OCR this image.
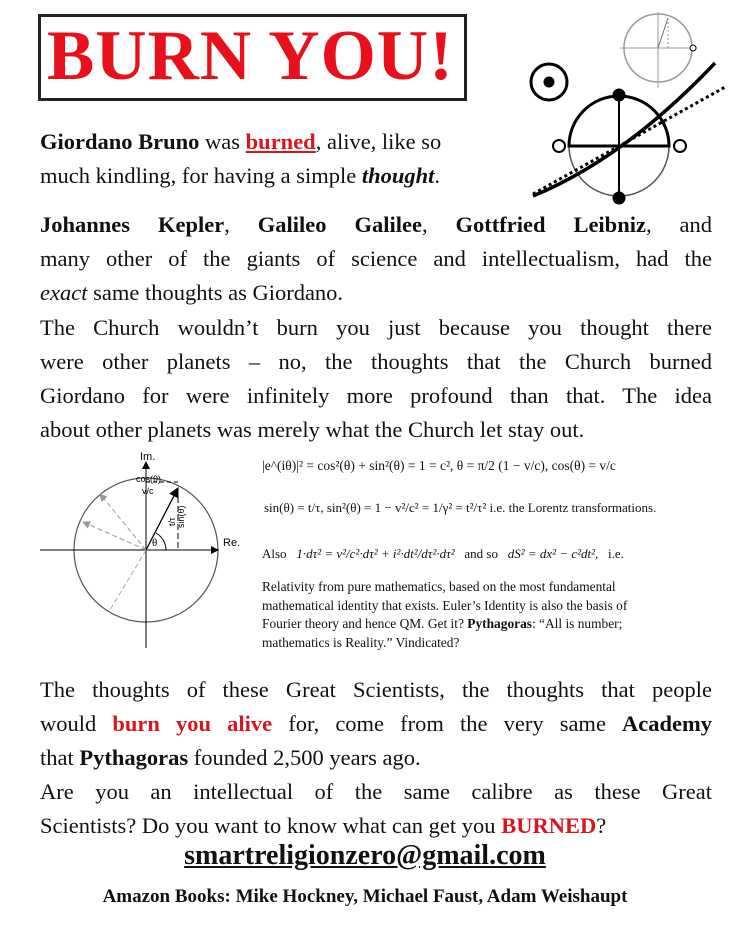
BURN YOU!
Giordano Bruno was burned, alive, like so
much kindling, for having a simple thought.
Johannes Kepler, Galileo Galilee, Gottfried Leibniz, and
many other of the giants of science and intellectualism, had the
exact same thoughts as Giordano.
The Church wouldn’t burn you just because you thought there
were other planets – no, the thoughts that the Church burned
Giordano for were infinitely more profound than that. The idea
about other planets was merely what the Church let stay out.
Im.
Re.
cos(θ)
v/c
θ
sin(θ)
t/τ
|e^(iθ)|² = cos²(θ) + sin²(θ) = 1 = c², θ = π/2 (1 − v/c), cos(θ) = v/c
sin(θ) = t/τ, sin²(θ) = 1 − v²/c² = 1/γ² = t²/τ² i.e. the Lorentz transformations.
Also 1·dτ² = v²/c²·dτ² + i²·dt²/dτ²·dτ² and so dS² = dx² − c²dt², i.e.
Relativity from pure mathematics, based on the most fundamental
mathematical identity that exists. Euler’s Identity is also the basis of
Fourier theory and hence QM. Get it? Pythagoras: “All is number;
mathematics is Reality.” Vindicated?
The thoughts of these Great Scientists, the thoughts that people
would burn you alive for, come from the very same Academy
that Pythagoras founded 2,500 years ago.
Are you an intellectual of the same calibre as these Great
Scientists? Do you want to know what can get you BURNED?
smartreligionzero@gmail.com
Amazon Books: Mike Hockney, Michael Faust, Adam Weishaupt
